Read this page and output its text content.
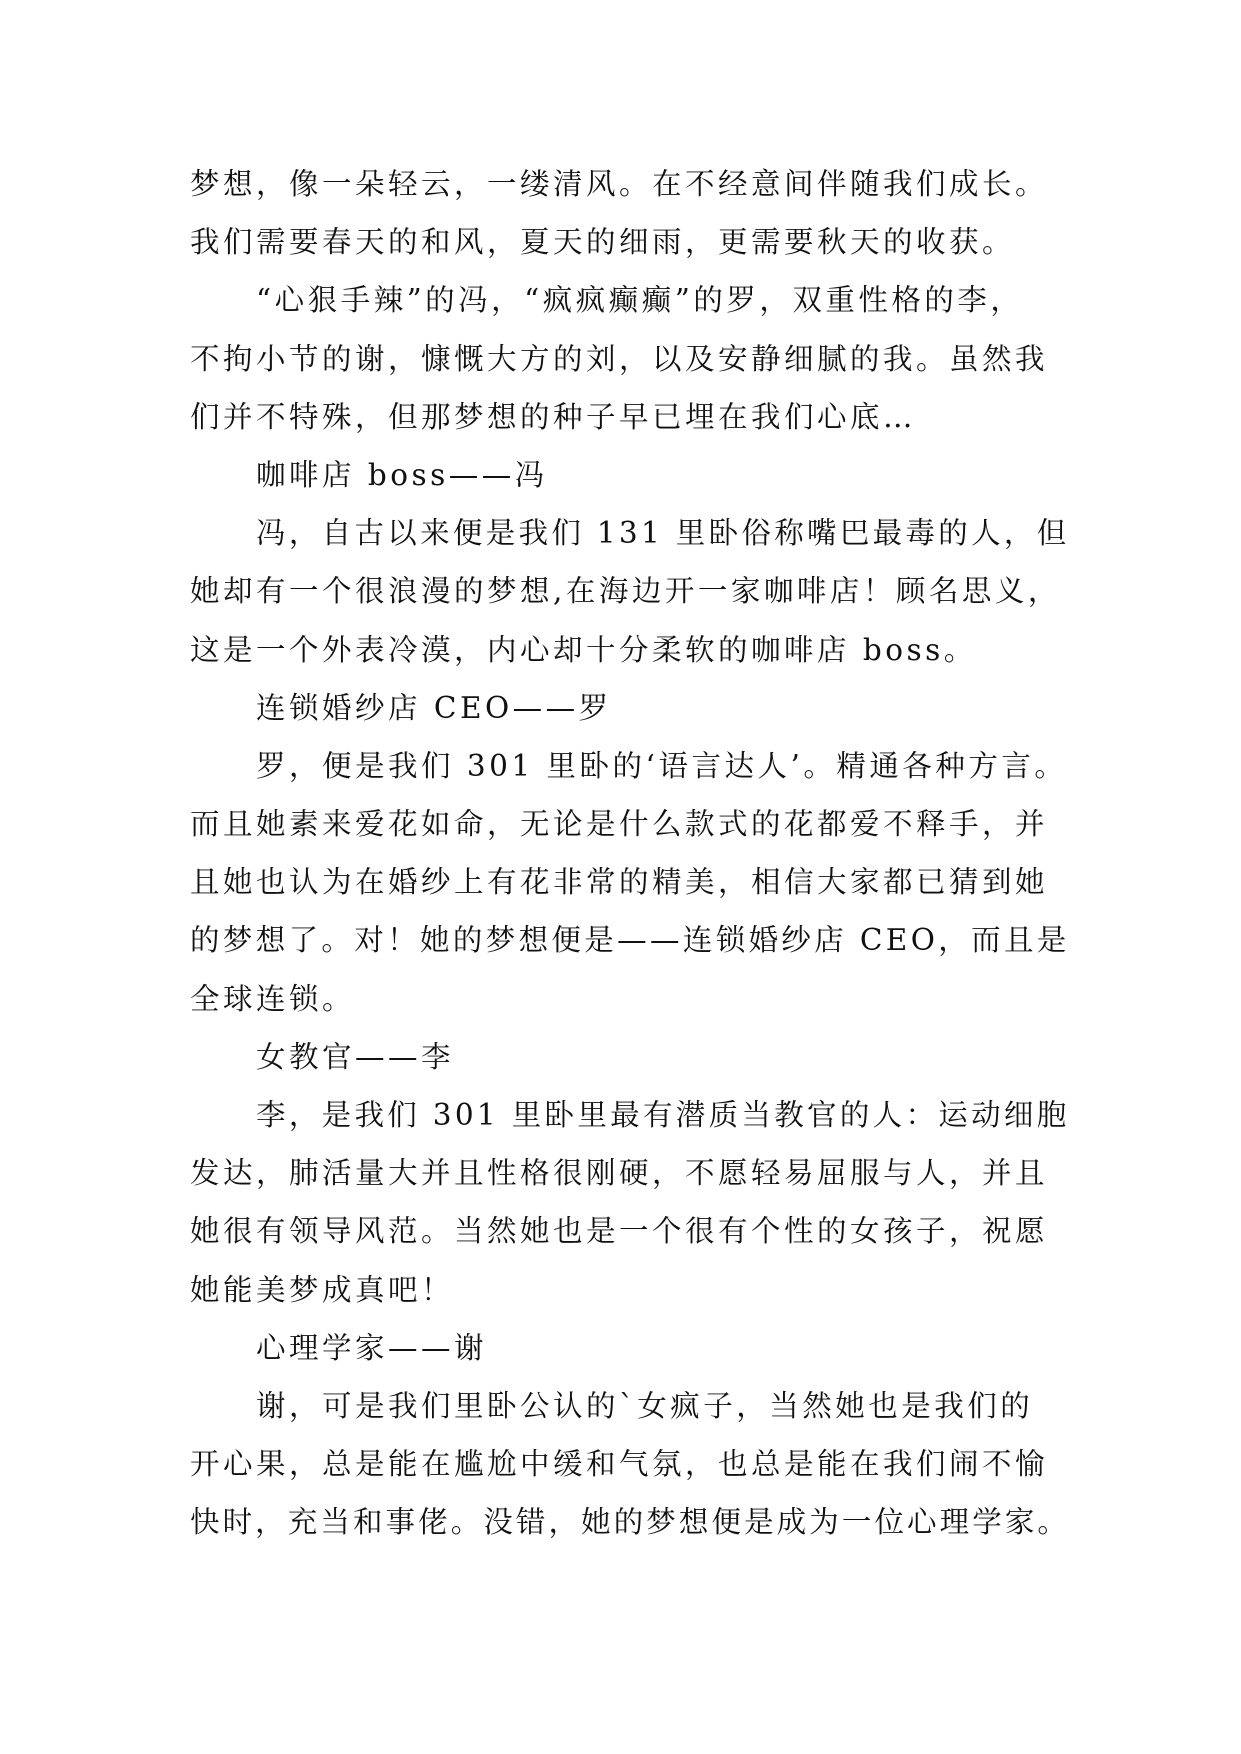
梦想，像一朵轻云，一缕清风。在不经意间伴随我们成长。
我们需要春天的和风，夏天的细雨，更需要秋天的收获。
“心狠手辣”的冯，“疯疯癫癫”的罗，双重性格的李，
不拘小节的谢，慷慨大方的刘，以及安静细腻的我。虽然我
们并不特殊，但那梦想的种子早已埋在我们心底…
咖啡店 boss——冯
冯，自古以来便是我们 131 里卧俗称嘴巴最毒的人，但
她却有一个很浪漫的梦想,在海边开一家咖啡店！顾名思义，
这是一个外表冷漠，内心却十分柔软的咖啡店 boss。
连锁婚纱店 CEO——罗
罗，便是我们 301 里卧的‘语言达人’。精通各种方言。
而且她素来爱花如命，无论是什么款式的花都爱不释手，并
且她也认为在婚纱上有花非常的精美，相信大家都已猜到她
的梦想了。对！她的梦想便是——连锁婚纱店 CEO，而且是
全球连锁。
女教官——李
李，是我们 301 里卧里最有潜质当教官的人：运动细胞
发达，肺活量大并且性格很刚硬，不愿轻易屈服与人，并且
她很有领导风范。当然她也是一个很有个性的女孩子，祝愿
她能美梦成真吧！
心理学家——谢
谢，可是我们里卧公认的`女疯子，当然她也是我们的
开心果，总是能在尴尬中缓和气氛，也总是能在我们闹不愉
快时，充当和事佬。没错，她的梦想便是成为一位心理学家。
